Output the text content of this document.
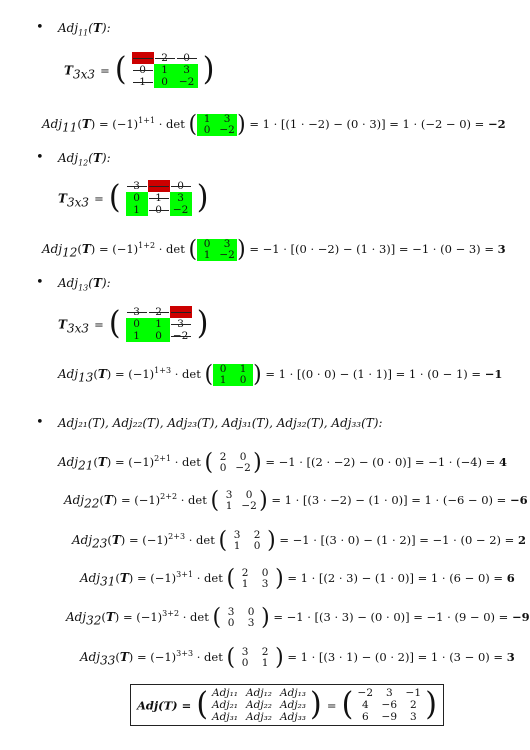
• Adj$_{11}$(T):
$T_{3x3}$ = (	3	2	0
0	1	3
1	0	−2 )
$Adj_{11}(T) = (-1)^{1+1} \cdot \det$ ( 1	3
0 −2 ) = 1 · [(1 · −2) − (0 · 3)] = 1 · (−2 − 0) = −2
• Adj$_{12}$(T):
$T_{3x3}$ = (	3	2	0
0	1	3
1	0	−2 )
$Adj_{12}(T) = (-1)^{1+2} \cdot \det$ ( 0	3
1 −2 ) = −1 · [(0 · −2) − (1 · 3)] = −1 · (0 − 3) = 3
• Adj$_{13}$(T):
$T_{3x3}$ = (	3	2	0
0	1	3
1	0	−2 )
$Adj_{13}(T) = (-1)^{1+3} \cdot \det$ ( 0	1
1	0 ) = 1 · [(0 · 0) − (1 · 1)] = 1 · (0 − 1) = −1
• Adj₂₁(T), Adj₂₂(T), Adj₂₃(T), Adj₃₁(T), Adj₃₂(T), Adj₃₃(T):
$Adj_{21}(T) = (-1)^{2+1} \cdot \det$ ( 2	0
0 −2 ) = −1 · [(2 · −2) − (0 · 0)] = −1 · (−4) = 4
$Adj_{22}(T) = (-1)^{2+2} \cdot \det$ ( 3	0
1 −2 ) = 1 · [(3 · −2) − (1 · 0)] = 1 · (−6 − 0) = −6
$Adj_{23}(T) = (-1)^{2+3} \cdot \det$ ( 3	2
1	0 ) = −1 · [(3 · 0) − (1 · 2)] = −1 · (0 − 2) = 2
$Adj_{31}(T) = (-1)^{3+1} \cdot \det$ ( 2	0
1	3 ) = 1 · [(2 · 3) − (1 · 0)] = 1 · (6 − 0) = 6
$Adj_{32}(T) = (-1)^{3+2} \cdot \det$ ( 3	0
0	3 ) = −1 · [(3 · 3) − (0 · 0)] = −1 · (9 − 0) = −9
$Adj_{33}(T) = (-1)^{3+3} \cdot \det$ ( 3	2
0	1 ) = 1 · [(3 · 1) − (0 · 2)] = 1 · (3 − 0) = 3
Adj(T) = ( Adj₁₁ Adj₁₂ Adj₁₃
Adj₂₁ Adj₂₂ Adj₂₃
Adj₃₁ Adj₃₂ Adj₃₃ ) = ( −2	3	−1
4	−6	2
6	−9	3 )
